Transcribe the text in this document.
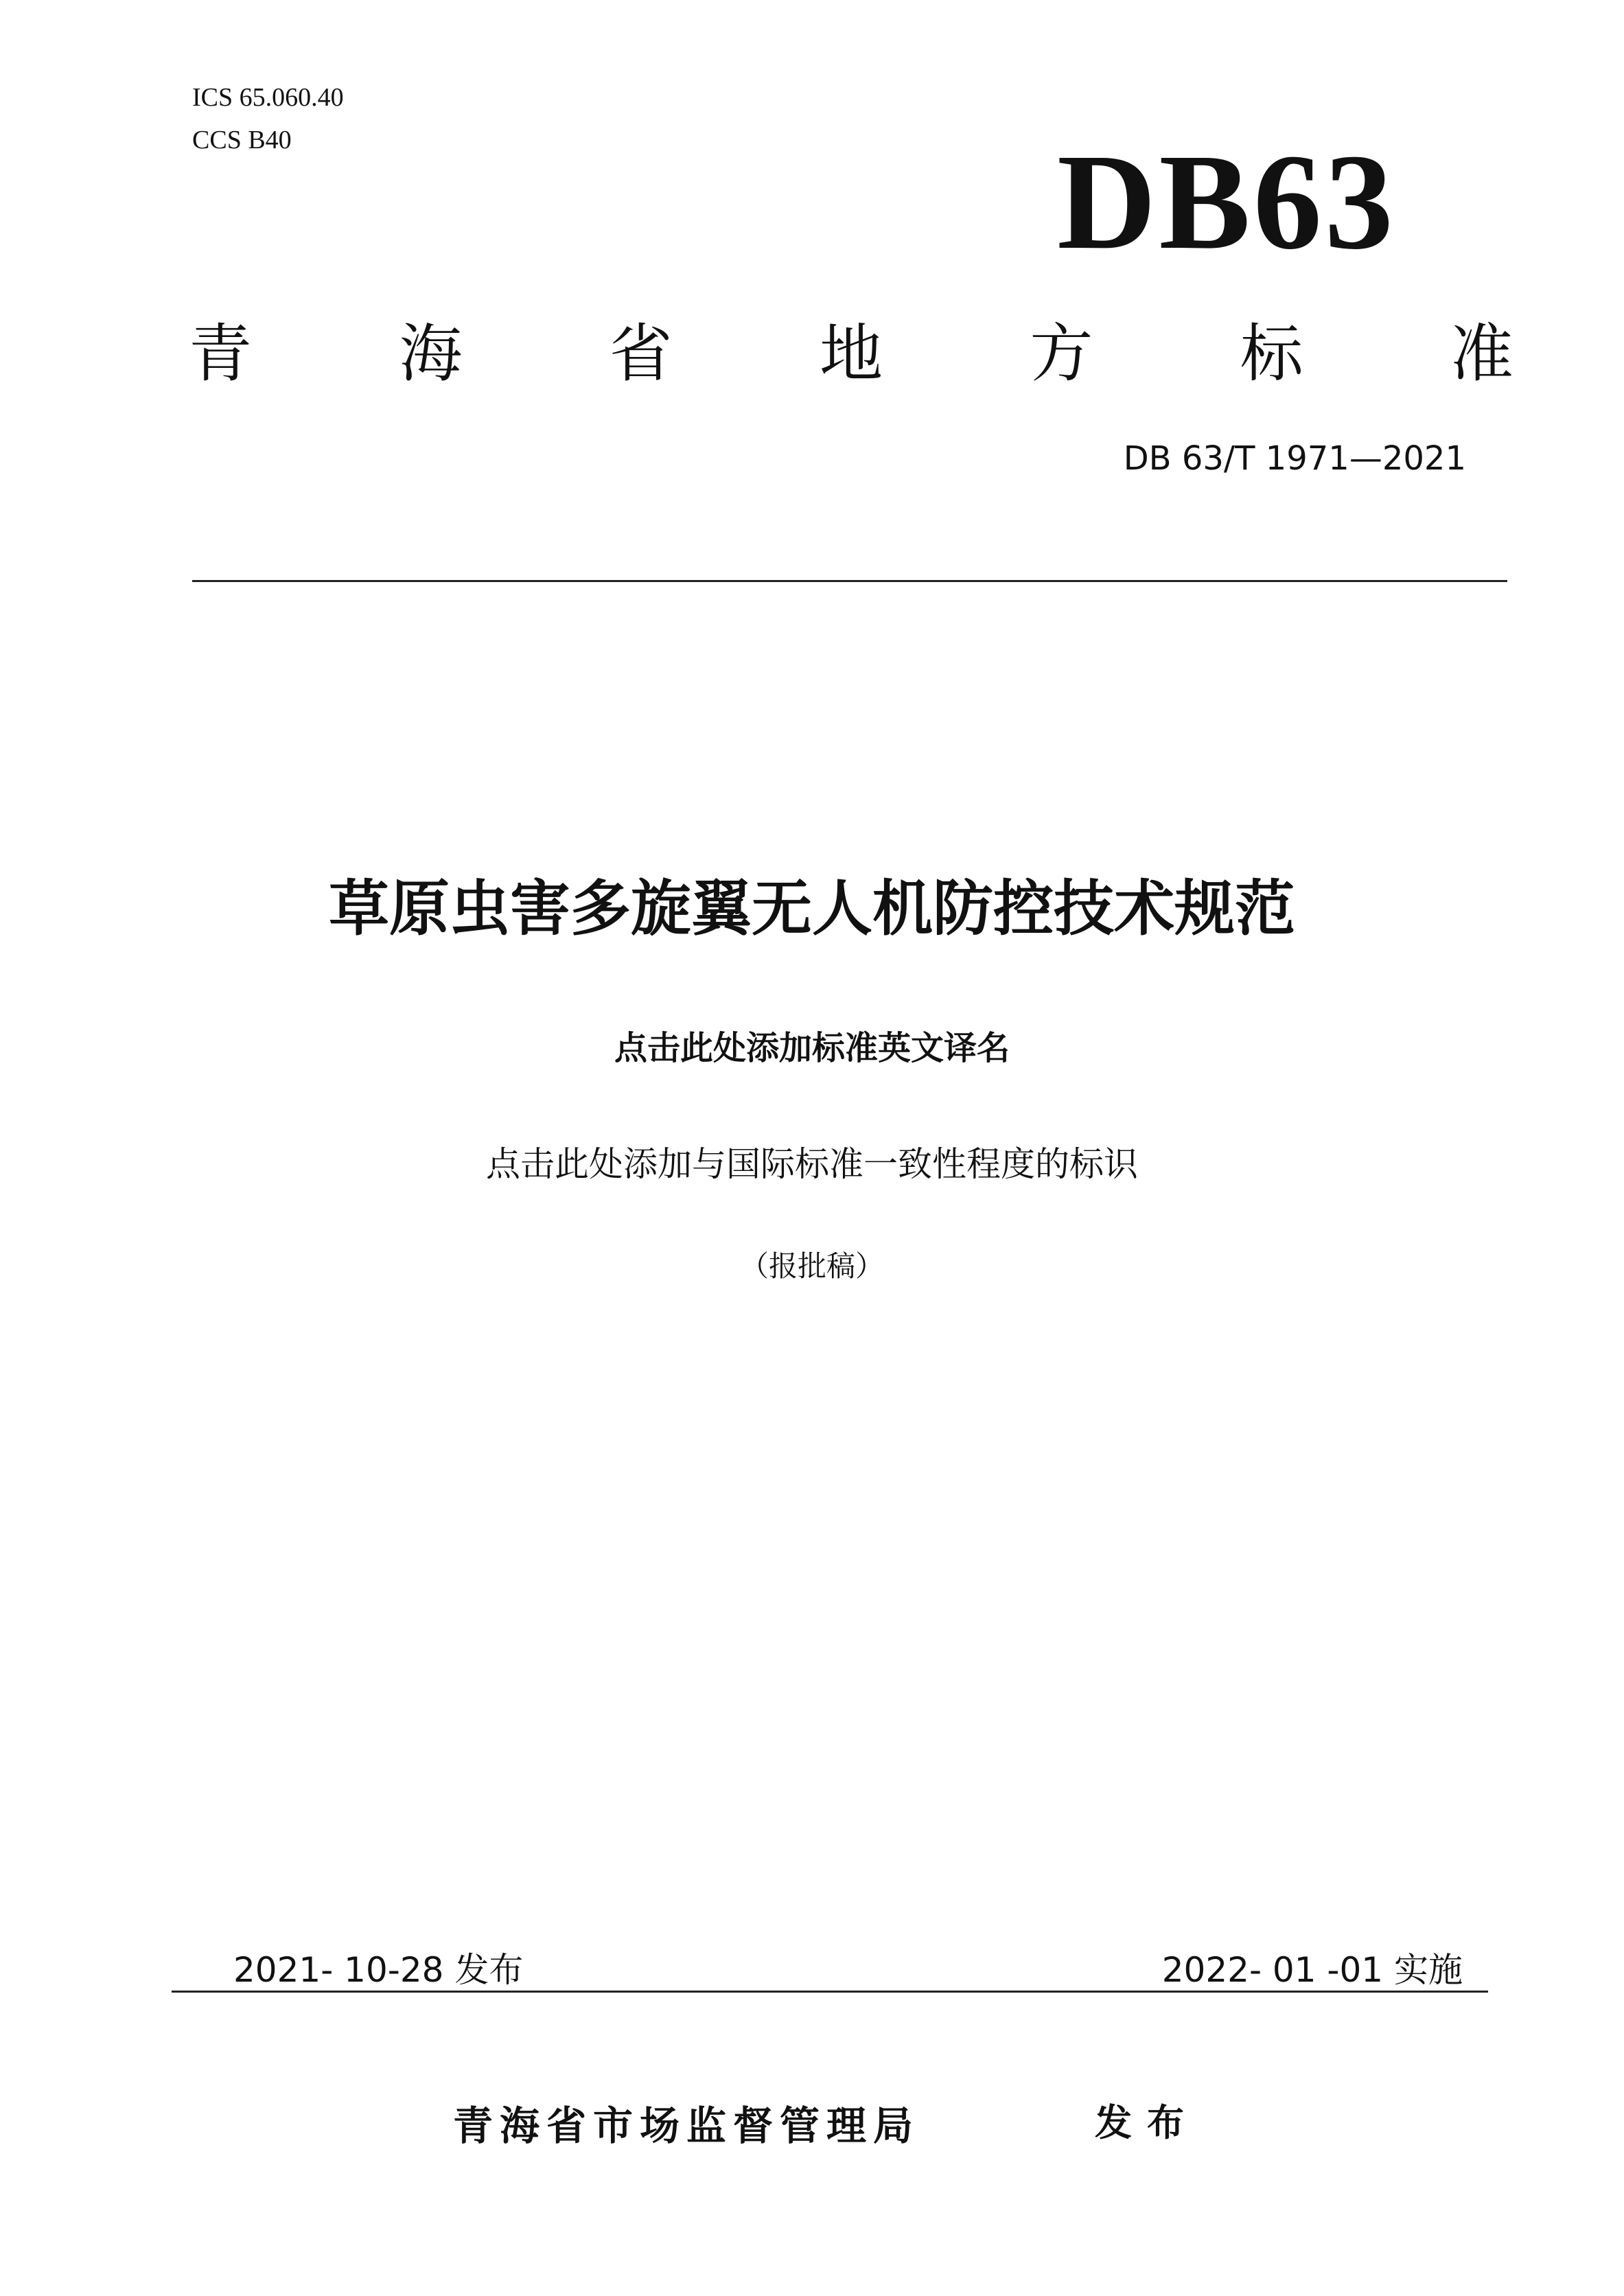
ICS 65.060.40
CCS B40	DB63
青 海 省 地 方 标 准
DB 63/T 1971—2021
草原虫害多旋翼无人机防控技术规范
点击此处添加标准英文译名
点击此处添加与国际标准一致性程度的标识
（报批稿）
2021- 10-28 发布	2022- 01 -01 实施
青海省市场监督管理局	发布
